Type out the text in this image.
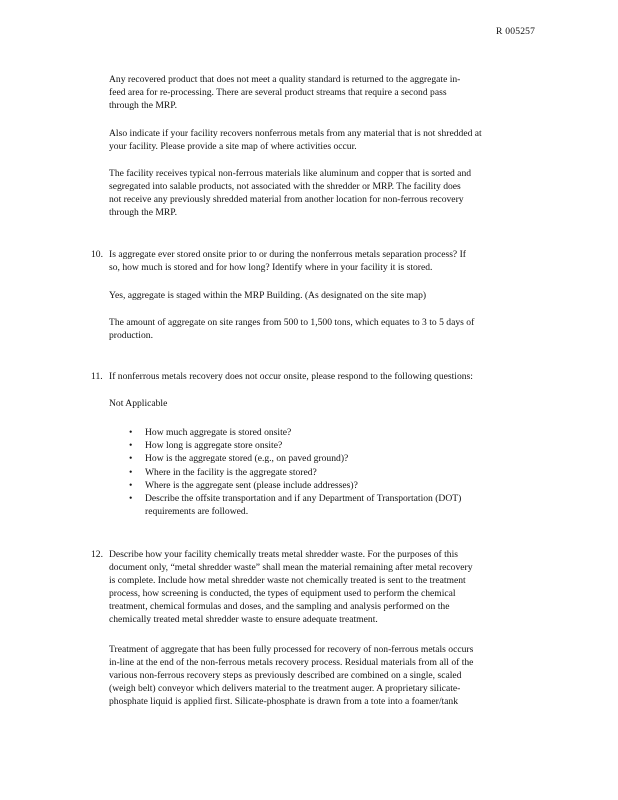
R 005257
Any recovered product that does not meet a quality standard is returned to the aggregate in-
feed area for re-processing. There are several product streams that require a second pass
through the MRP.
Also indicate if your facility recovers nonferrous metals from any material that is not shredded at
your facility. Please provide a site map of where activities occur.
The facility receives typical non-ferrous materials like aluminum and copper that is sorted and
segregated into salable products, not associated with the shredder or MRP. The facility does
not receive any previously shredded material from another location for non-ferrous recovery
through the MRP.
10. Is aggregate ever stored onsite prior to or during the nonferrous metals separation process? If
so, how much is stored and for how long? Identify where in your facility it is stored.
Yes, aggregate is staged within the MRP Building. (As designated on the site map)
The amount of aggregate on site ranges from 500 to 1,500 tons, which equates to 3 to 5 days of
production.
11. If nonferrous metals recovery does not occur onsite, please respond to the following questions:
Not Applicable
• How much aggregate is stored onsite?
• How long is aggregate store onsite?
• How is the aggregate stored (e.g., on paved ground)?
• Where in the facility is the aggregate stored?
• Where is the aggregate sent (please include addresses)?
• Describe the offsite transportation and if any Department of Transportation (DOT)
requirements are followed.
12. Describe how your facility chemically treats metal shredder waste. For the purposes of this
document only, “metal shredder waste” shall mean the material remaining after metal recovery
is complete. Include how metal shredder waste not chemically treated is sent to the treatment
process, how screening is conducted, the types of equipment used to perform the chemical
treatment, chemical formulas and doses, and the sampling and analysis performed on the
chemically treated metal shredder waste to ensure adequate treatment.
Treatment of aggregate that has been fully processed for recovery of non-ferrous metals occurs
in-line at the end of the non-ferrous metals recovery process. Residual materials from all of the
various non-ferrous recovery steps as previously described are combined on a single, scaled
(weigh belt) conveyor which delivers material to the treatment auger. A proprietary silicate-
phosphate liquid is applied first. Silicate-phosphate is drawn from a tote into a foamer/tank
